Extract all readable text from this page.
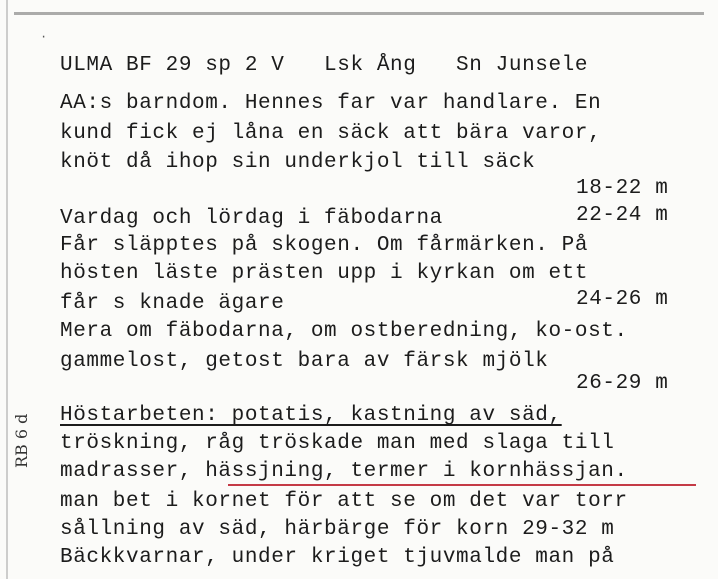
·
ULMA BF 29 sp 2 V   Lsk Ång   Sn Junsele
AA:s barndom. Hennes far var handlare. En
kund fick ej låna en säck att bära varor,
knöt då ihop sin underkjol till säck
18-22 m
Vardag och lördag i fäbodarna	22-24 m
Får släpptes på skogen. Om fårmärken. På
hösten läste prästen upp i kyrkan om ett
får s knade ägare	24-26 m
Mera om fäbodarna, om ostberedning, ko-ost.
gammelost, getost bara av färsk mjölk
26-29 m
Höstarbeten: potatis, kastning av säd,
tröskning, råg tröskade man med slaga till
madrasser, hässjning, termer i kornhässjan.
man bet i kornet för att se om det var torr
sållning av säd, härbärge för korn 29-32 m
Bäckkvarnar, under kriget tjuvmalde man på
RB 6 d
